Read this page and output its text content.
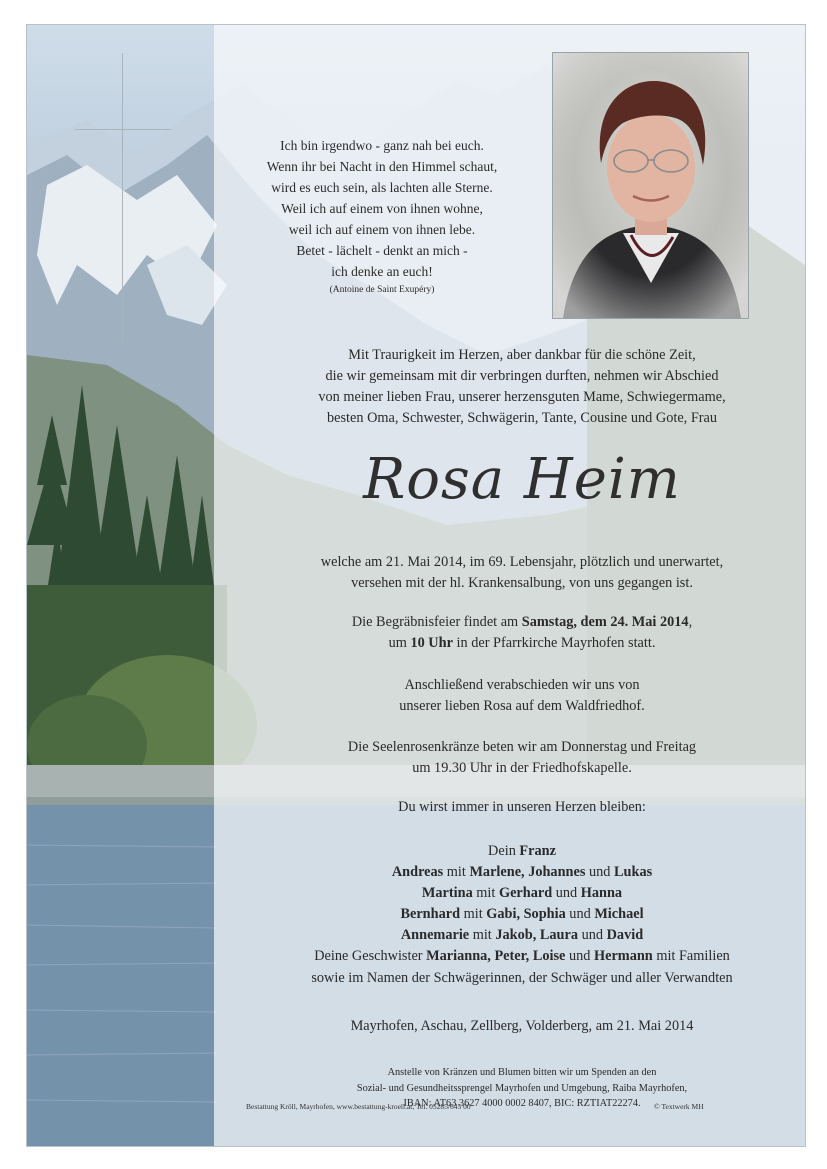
Ich bin irgendwo - ganz nah bei euch.
Wenn ihr bei Nacht in den Himmel schaut,
wird es euch sein, als lachten alle Sterne.
Weil ich auf einem von ihnen wohne,
weil ich auf einem von ihnen lebe.
Betet - lächelt - denkt an mich -
ich denke an euch!
(Antoine de Saint Exupéry)
Mit Traurigkeit im Herzen, aber dankbar für die schöne Zeit,
die wir gemeinsam mit dir verbringen durften, nehmen wir Abschied
von meiner lieben Frau, unserer herzensguten Mame, Schwiegermame,
besten Oma, Schwester, Schwägerin, Tante, Cousine und Gote, Frau
Rosa Heim
welche am 21. Mai 2014, im 69. Lebensjahr, plötzlich und unerwartet,
versehen mit der hl. Krankensalbung, von uns gegangen ist.
Die Begräbnisfeier findet am Samstag, dem 24. Mai 2014,
um 10 Uhr in der Pfarrkirche Mayrhofen statt.
Anschließend verabschieden wir uns von
unserer lieben Rosa auf dem Waldfriedhof.
Die Seelenrosenkränze beten wir am Donnerstag und Freitag
um 19.30 Uhr in der Friedhofskapelle.
Du wirst immer in unseren Herzen bleiben:
Dein Franz
Andreas mit Marlene, Johannes und Lukas
Martina mit Gerhard und Hanna
Bernhard mit Gabi, Sophia und Michael
Annemarie mit Jakob, Laura und David
Deine Geschwister Marianna, Peter, Loise und Hermann mit Familien
sowie im Namen der Schwägerinnen, der Schwäger und aller Verwandten
Mayrhofen, Aschau, Zellberg, Volderberg, am 21. Mai 2014
Anstelle von Kränzen und Blumen bitten wir um Spenden an den
Sozial- und Gesundheitssprengel Mayrhofen und Umgebung, Raiba Mayrhofen,
IBAN: AT63 3627 4000 0002 8407, BIC: RZTIAT22274.
Bestattung Kröll, Mayrhofen, www.bestattung-kroell.at, Tel. 05285/645 00	© Textwerk MH
